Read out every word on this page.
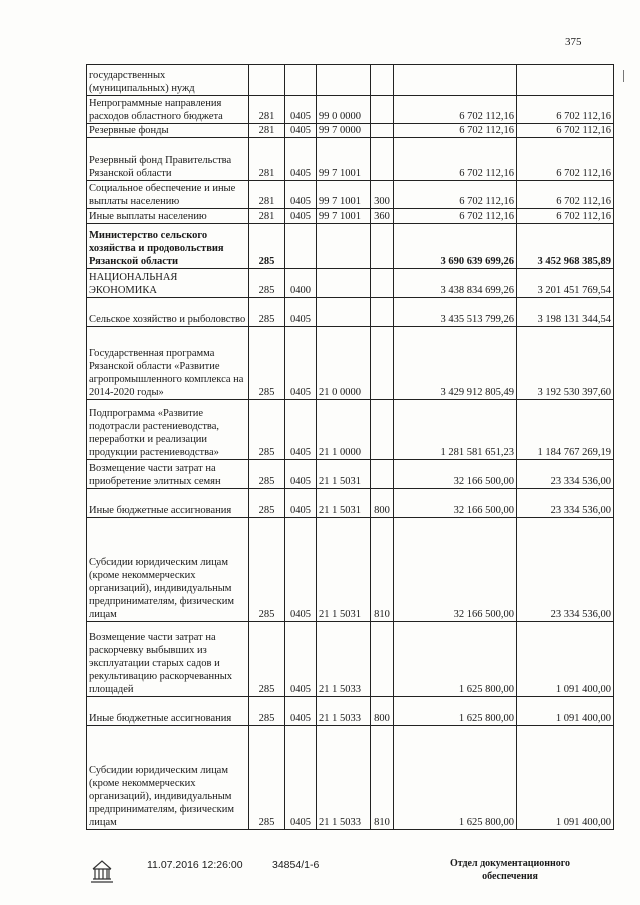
375
государственных (муниципальных) нужд						
Непрограммные направления расходов областного бюджета	281	0405	99 0 0000		6 702 112,16	6 702 112,16
Резервные фонды	281	0405	99 7 0000		6 702 112,16	6 702 112,16
Резервный фонд Правительства Рязанской области	281	0405	99 7 1001		6 702 112,16	6 702 112,16
Социальное обеспечение и иные выплаты населению	281	0405	99 7 1001	300	6 702 112,16	6 702 112,16
Иные выплаты населению	281	0405	99 7 1001	360	6 702 112,16	6 702 112,16
Министерство сельского хозяйства и продовольствия Рязанской области	285				3 690 639 699,26	3 452 968 385,89
НАЦИОНАЛЬНАЯ ЭКОНОМИКА	285	0400			3 438 834 699,26	3 201 451 769,54
Сельское хозяйство и рыболовство	285	0405			3 435 513 799,26	3 198 131 344,54
Государственная программа Рязанской области «Развитие агропромышленного комплекса на 2014-2020 годы»	285	0405	21 0 0000		3 429 912 805,49	3 192 530 397,60
Подпрограмма «Развитие подотрасли растениеводства, переработки и реализации продукции растениеводства»	285	0405	21 1 0000		1 281 581 651,23	1 184 767 269,19
Возмещение части затрат на приобретение элитных семян	285	0405	21 1 5031		32 166 500,00	23 334 536,00
Иные бюджетные ассигнования	285	0405	21 1 5031	800	32 166 500,00	23 334 536,00
Субсидии юридическим лицам (кроме некоммерческих организаций), индивидуальным предпринимателям, физическим лицам	285	0405	21 1 5031	810	32 166 500,00	23 334 536,00
Возмещение части затрат на раскорчевку выбывших из эксплуатации старых садов и рекультивацию раскорчеванных площадей	285	0405	21 1 5033		1 625 800,00	1 091 400,00
Иные бюджетные ассигнования	285	0405	21 1 5033	800	1 625 800,00	1 091 400,00
Субсидии юридическим лицам (кроме некоммерческих организаций), индивидуальным предпринимателям, физическим лицам	285	0405	21 1 5033	810	1 625 800,00	1 091 400,00
11.07.2016 12:26:00	34854/1-6	Отдел документационного
обеспечения
